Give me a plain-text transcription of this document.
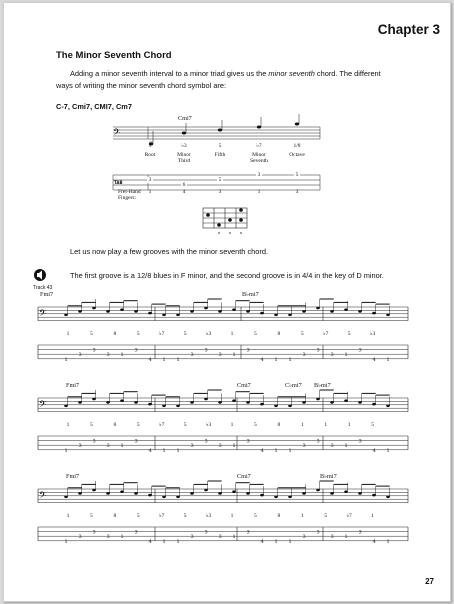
Chapter 3
The Minor Seventh Chord
Adding a minor seventh interval to a minor triad gives us the minor seventh chord. The different ways of writing the minor seventh chord symbol are:
C-7, Cmi7, CMI7, Cm7
𝄢
TAB
𝄢
1
3
3
3 1
3
4 1 1
3
3
3 1
3
4 1 1
3
3
3 1
3
4 1
𝄢
1
3
3
3 1
3
4 1 1
3
3
3 1
3
4 1 1
3
3
3 1
3
4 1
𝄢
1
3
3
3 1
3
4 1 1
3
3
3 1
3
4 1 1
3
3
3 1
3
4 1
Cmi7
1	♭3	5	♭7	1/8
Root	Minor
Third
Fifth	Minor
Seventh
Octave
3
6
5
3	5
Fret-Hand
Fingers:
1	4	3	1	3
Let us now play a few grooves with the minor seventh chord.
The first groove is a 12/8 blues in F minor, and the second groove is in 4/4 in the key of D minor.
Track 43
Fmi7	B♭mi7
1	5	8	5	♭7	5	♭3	1	5	8	5	♭7	5	♭3
Fmi7	Cmi7	C♭mi7 B♭mi7
1	5	8	5	♭7	5	♭3	1	5	8	1	1	1	5
Fmi7	Cmi7	B♭mi7
1	5	8	5	♭7	5	♭3	1	5	8	1	5	♭7	1
27
